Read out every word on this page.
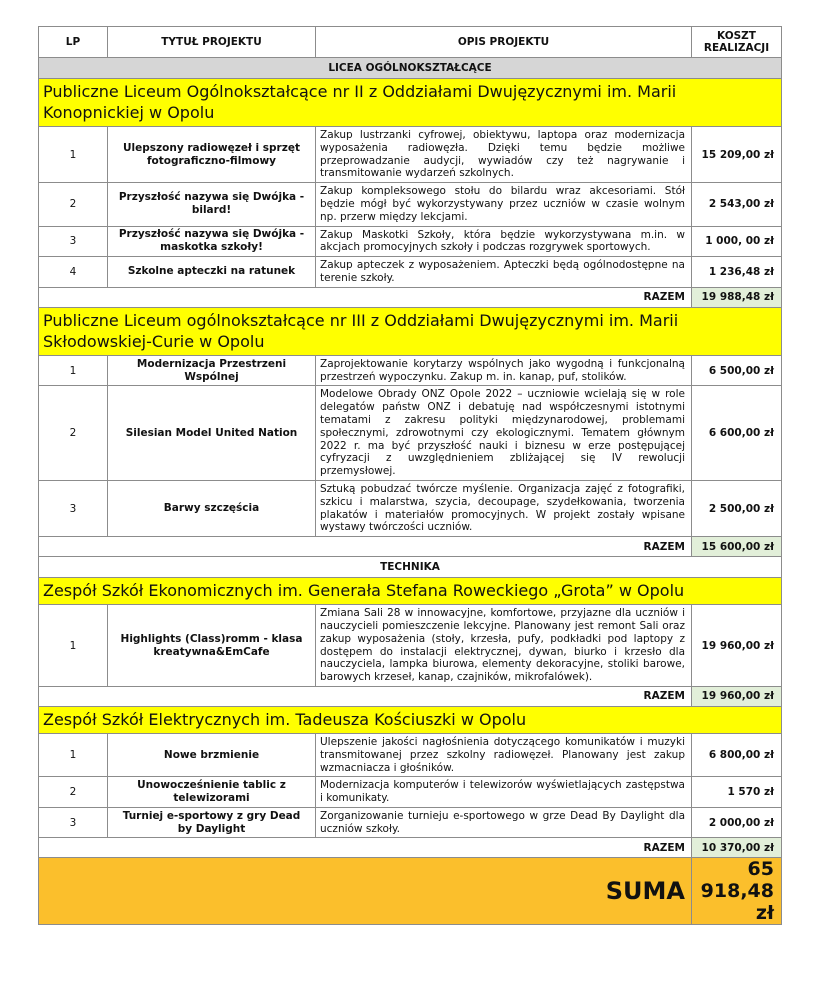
LP	TYTUŁ PROJEKTU	OPIS PROJEKTU	KOSZT REALIZACJI
LICEA OGÓLNOKSZTAŁCĄCE			
Publiczne Liceum Ogólnokształcące nr II z Oddziałami Dwujęzycznymi im. Marii Konopnickiej w Opolu			
1	Ulepszony radiowęzeł i sprzęt fotograficzno-filmowy	Zakup lustrzanki cyfrowej, obiektywu, laptopa oraz modernizacja wyposażenia radiowęzła. Dzięki temu będzie możliwe przeprowadzanie audycji, wywiadów czy też nagrywanie i transmitowanie wydarzeń szkolnych.	15 209,00 zł
2	Przyszłość nazywa się Dwójka - bilard!	Zakup kompleksowego stołu do bilardu wraz akcesoriami. Stół będzie mógł być wykorzystywany przez uczniów w czasie wolnym np. przerw między lekcjami.	2 543,00 zł
3	Przyszłość nazywa się Dwójka - maskotka szkoły!	Zakup Maskotki Szkoły, która będzie wykorzystywana m.in. w akcjach promocyjnych szkoły i podczas rozgrywek sportowych.	1 000, 00 zł
4	Szkolne apteczki na ratunek	Zakup apteczek z wyposażeniem. Apteczki będą ogólnodostępne na terenie szkoły.	1 236,48 zł
RAZEM			19 988,48 zł
Publiczne Liceum ogólnokształcące nr III z Oddziałami Dwujęzycznymi im. Marii Skłodowskiej-Curie w Opolu			
1	Modernizacja Przestrzeni Wspólnej	Zaprojektowanie korytarzy wspólnych jako wygodną i funkcjonalną przestrzeń wypoczynku. Zakup m. in. kanap, puf, stolików.	6 500,00 zł
2	Silesian Model United Nation	Modelowe Obrady ONZ Opole 2022 – uczniowie wcielają się w role delegatów państw ONZ i debatuję nad współczesnymi istotnymi tematami z zakresu polityki międzynarodowej, problemami społecznymi, zdrowotnymi czy ekologicznymi. Tematem głównym 2022 r. ma być przyszłość nauki i biznesu w erze postępującej cyfryzacji z uwzględnieniem zbliżającej się IV rewolucji przemysłowej.	6 600,00 zł
3	Barwy szczęścia	Sztuką pobudzać twórcze myślenie. Organizacja zajęć z fotografiki, szkicu i malarstwa, szycia, decoupage, szydełkowania, tworzenia plakatów i materiałów promocyjnych. W projekt zostały wpisane wystawy twórczości uczniów.	2 500,00 zł
RAZEM			15 600,00 zł
TECHNIKA			
Zespół Szkół Ekonomicznych im. Generała Stefana Roweckiego „Grota” w Opolu			
1	Highlights (Class)romm - klasa kreatywna&EmCafe	Zmiana Sali 28 w innowacyjne, komfortowe, przyjazne dla uczniów i nauczycieli pomieszczenie lekcyjne. Planowany jest remont Sali oraz zakup wyposażenia (stoły, krzesła, pufy, podkładki pod laptopy z dostępem do instalacji elektrycznej, dywan, biurko i krzesło dla nauczyciela, lampka biurowa, elementy dekoracyjne, stoliki barowe, barowych krzeseł, kanap, czajników, mikrofalówek).	19 960,00 zł
RAZEM			19 960,00 zł
Zespół Szkół Elektrycznych im. Tadeusza Kościuszki w Opolu			
1	Nowe brzmienie	Ulepszenie jakości nagłośnienia dotyczącego komunikatów i muzyki transmitowanej przez szkolny radiowęzeł. Planowany jest zakup wzmacniacza i głośników.	6 800,00 zł
2	Unowocześnienie tablic z telewizorami	Modernizacja komputerów i telewizorów wyświetlających zastępstwa i komunikaty.	1 570 zł
3	Turniej e-sportowy z gry Dead by Daylight	Zorganizowanie turnieju e-sportowego w grze Dead By Daylight dla uczniów szkoły.	2 000,00 zł
RAZEM			10 370,00 zł
SUMA			65 918,48
zł
